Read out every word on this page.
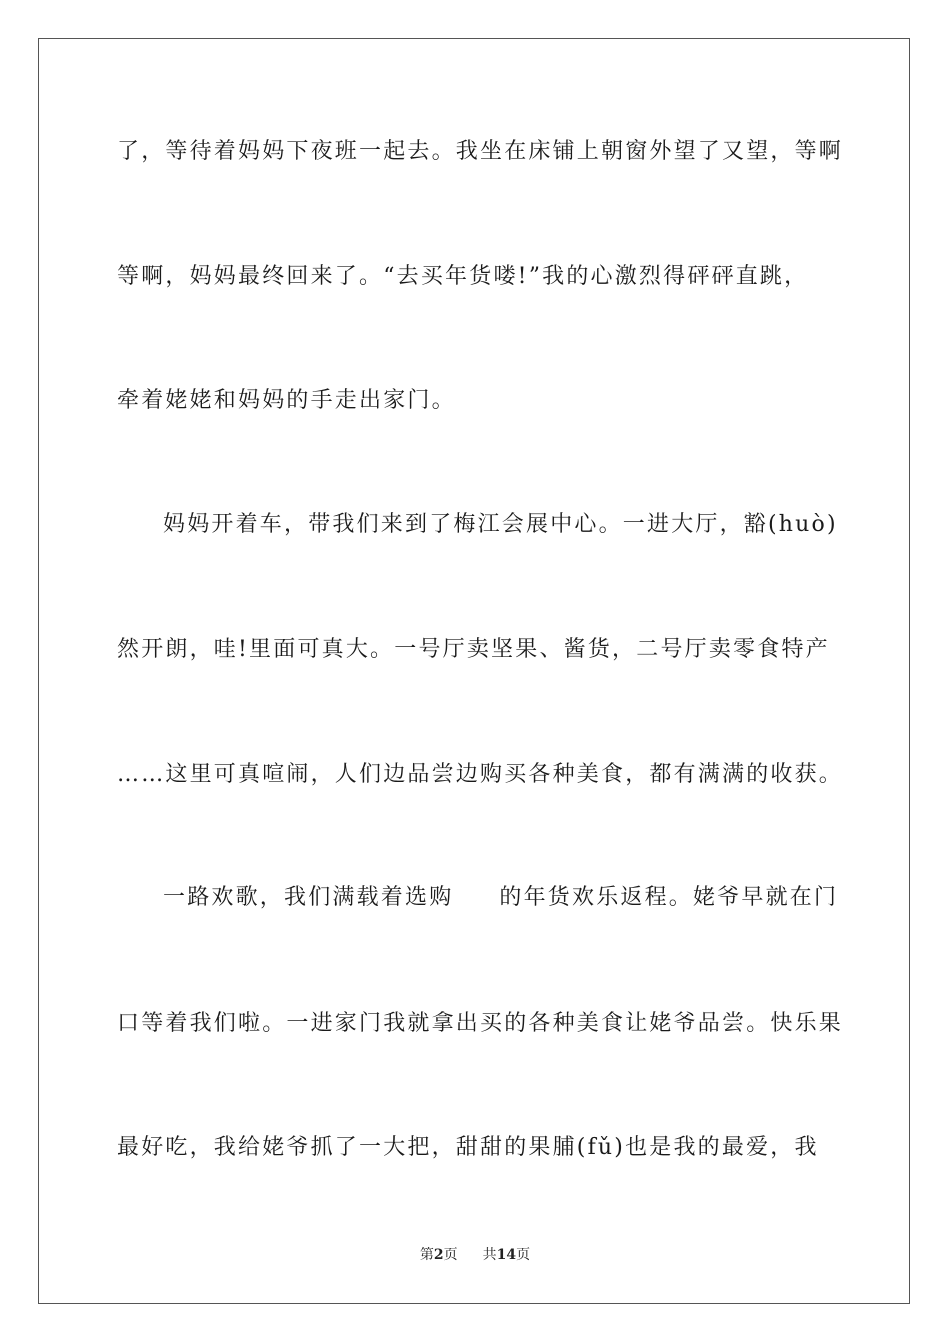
了，等待着妈妈下夜班一起去。我坐在床铺上朝窗外望了又望，等啊
等啊，妈妈最终回来了。“去买年货喽!”我的心激烈得砰砰直跳，
牵着姥姥和妈妈的手走出家门。
妈妈开着车，带我们来到了梅江会展中心。一进大厅，豁(huò)
然开朗，哇!里面可真大。一号厅卖坚果、酱货，二号厅卖零食特产
……这里可真喧闹，人们边品尝边购买各种美食，都有满满的收获。
一路欢歌，我们满载着选购 的年货欢乐返程。姥爷早就在门
口等着我们啦。一进家门我就拿出买的各种美食让姥爷品尝。快乐果
最好吃，我给姥爷抓了一大把，甜甜的果脯(fǔ)也是我的最爱，我
第2页 共14页
